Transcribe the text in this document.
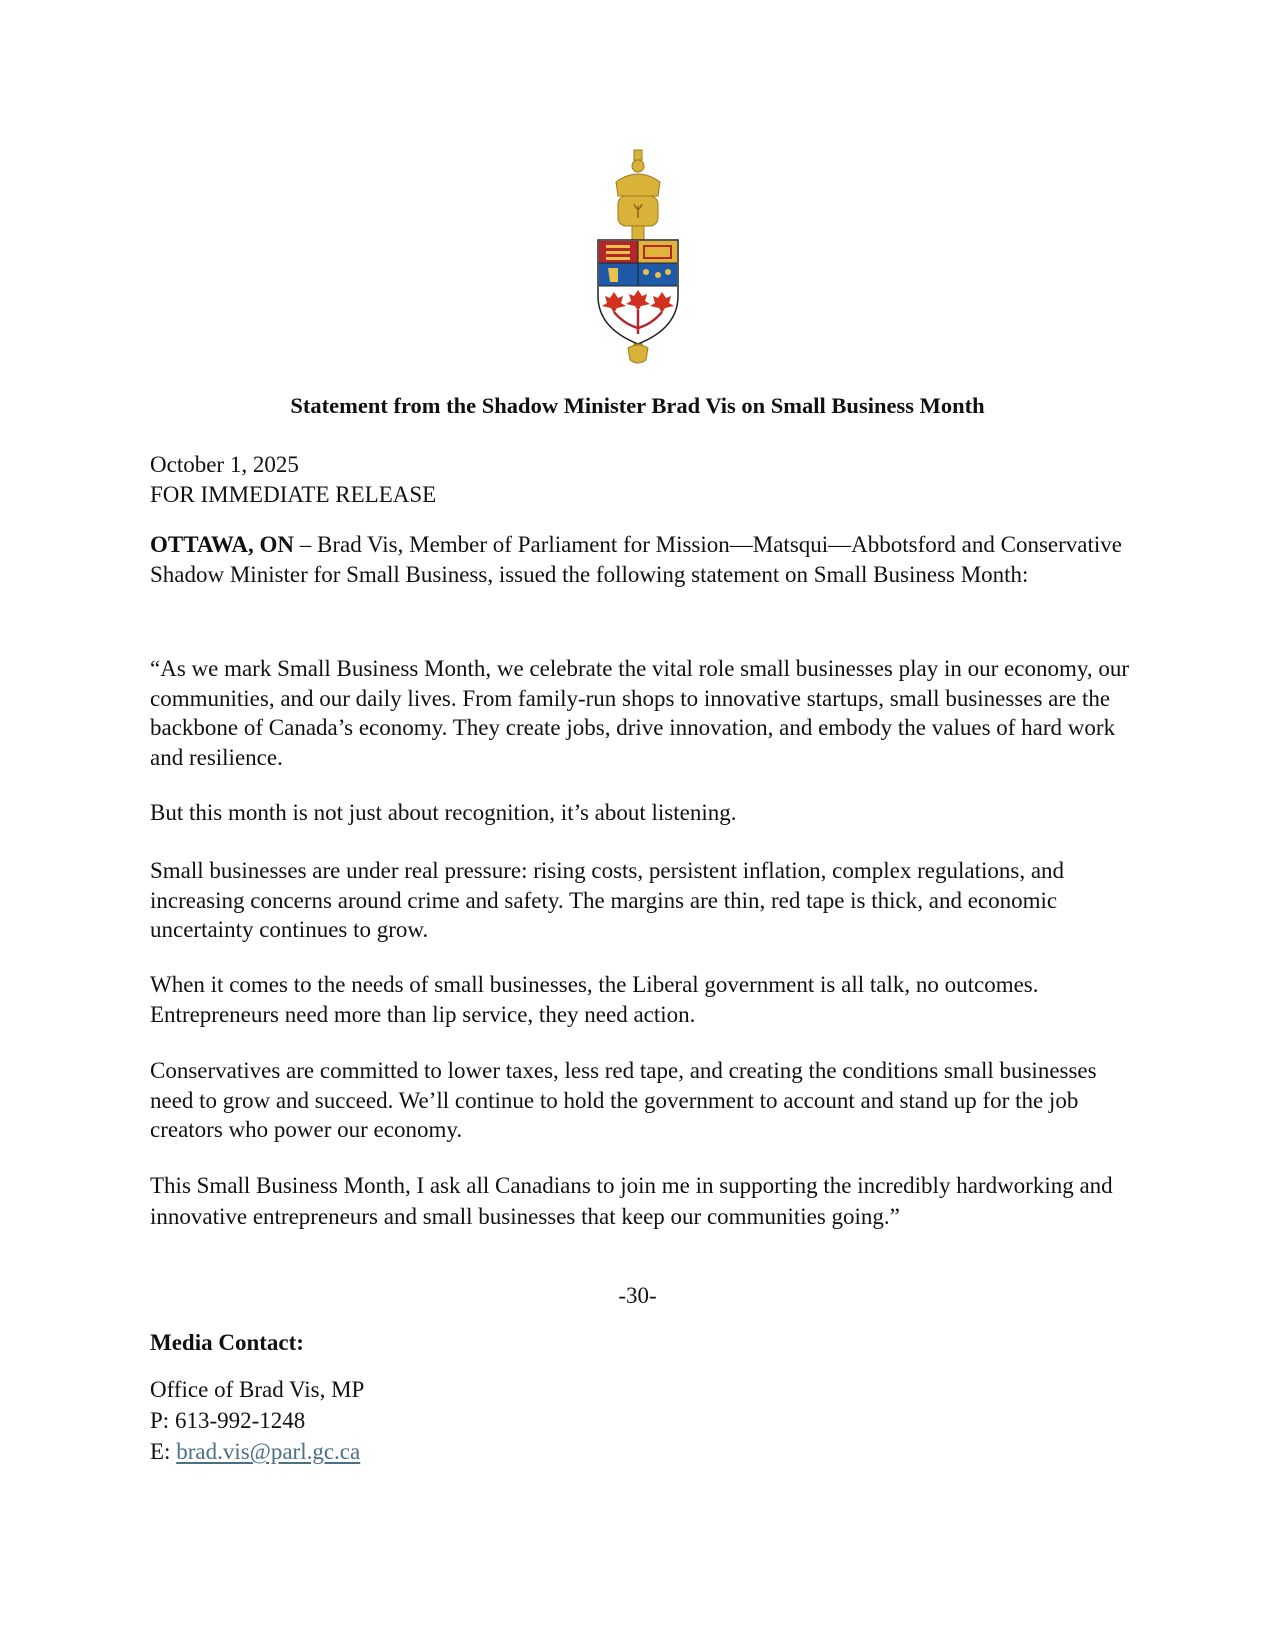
Statement from the Shadow Minister Brad Vis on Small Business Month

October 1, 2025

FOR IMMEDIATE RELEASE

OTTAWA, ON – Brad Vis, Member of Parliament for Mission—Matsqui—Abbotsford and Conservative Shadow Minister for Small Business, issued the following statement on Small Business Month:

“As we mark Small Business Month, we celebrate the vital role small businesses play in our economy, our communities, and our daily lives. From family-run shops to innovative startups, small businesses are the backbone of Canada’s economy. They create jobs, drive innovation, and embody the values of hard work and resilience.

But this month is not just about recognition, it’s about listening.

Small businesses are under real pressure: rising costs, persistent inflation, complex regulations, and increasing concerns around crime and safety. The margins are thin, red tape is thick, and economic uncertainty continues to grow.

When it comes to the needs of small businesses, the Liberal government is all talk, no outcomes. Entrepreneurs need more than lip service, they need action.

Conservatives are committed to lower taxes, less red tape, and creating the conditions small businesses need to grow and succeed. We’ll continue to hold the government to account and stand up for the job creators who power our economy.

This Small Business Month, I ask all Canadians to join me in supporting the incredibly hardworking and innovative entrepreneurs and small businesses that keep our communities going.”

-30-
Media Contact:
Office of Brad Vis, MP
P: 613-992-1248
E: brad.vis@parl.gc.ca
